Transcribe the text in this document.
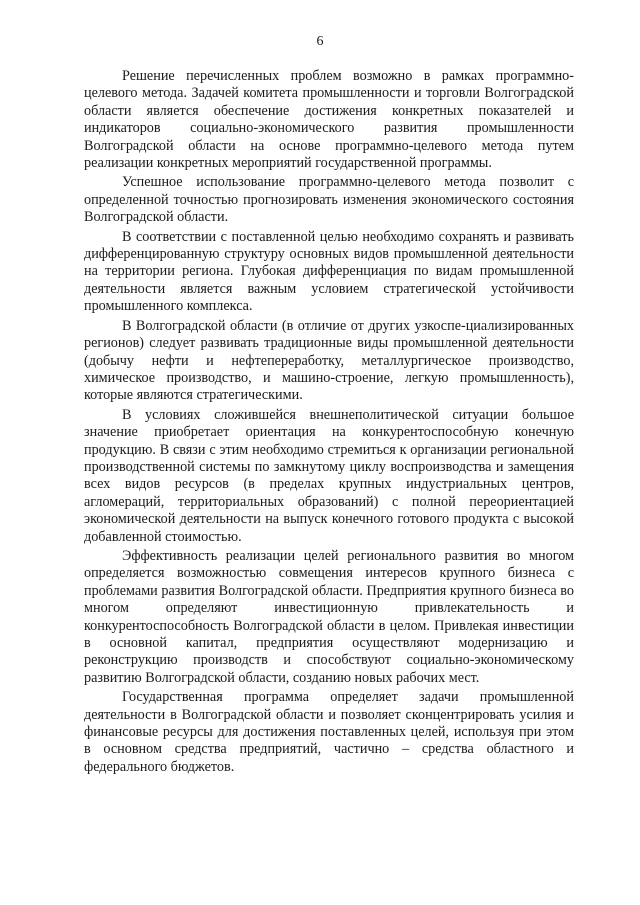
6

Решение перечисленных проблем возможно в рамках программно-целевого метода. Задачей комитета промышленности и торговли Волгоградской области является обеспечение достижения конкретных показателей и индикаторов социально-экономического развития промышленности Волгоградской области на основе программно-целевого метода путем реализации конкретных мероприятий государственной программы.

Успешное использование программно-целевого метода позволит с определенной точностью прогнозировать изменения экономического состояния Волгоградской области.

В соответствии с поставленной целью необходимо сохранять и развивать дифференцированную структуру основных видов промышленной деятельности на территории региона. Глубокая дифференциация по видам промышленной деятельности является важным условием стратегической устойчивости промышленного комплекса.

В Волгоградской области (в отличие от других узкоспе-циализированных регионов) следует развивать традиционные виды промышленной деятельности (добычу нефти и нефтепереработку, металлургическое производство, химическое производство, и машино-строение, легкую промышленность), которые являются стратегическими.

В условиях сложившейся внешнеполитической ситуации большое значение приобретает ориентация на конкурентоспособную конечную продукцию. В связи с этим необходимо стремиться к организации региональной производственной системы по замкнутому циклу воспроизводства и замещения всех видов ресурсов (в пределах крупных индустриальных центров, агломераций, территориальных образований) с полной переориентацией экономической деятельности на выпуск конечного готового продукта с высокой добавленной стоимостью.

Эффективность реализации целей регионального развития во многом определяется возможностью совмещения интересов крупного бизнеса с проблемами развития Волгоградской области. Предприятия крупного бизнеса во многом определяют инвестиционную привлекательность и конкурентоспособность Волгоградской области в целом. Привлекая инвестиции в основной капитал, предприятия осуществляют модернизацию и реконструкцию производств и способствуют социально-экономическому развитию Волгоградской области, созданию новых рабочих мест.

Государственная программа определяет задачи промышленной деятельности в Волгоградской области и позволяет сконцентрировать усилия и финансовые ресурсы для достижения поставленных целей, используя при этом в основном средства предприятий, частично – средства областного и федерального бюджетов.
